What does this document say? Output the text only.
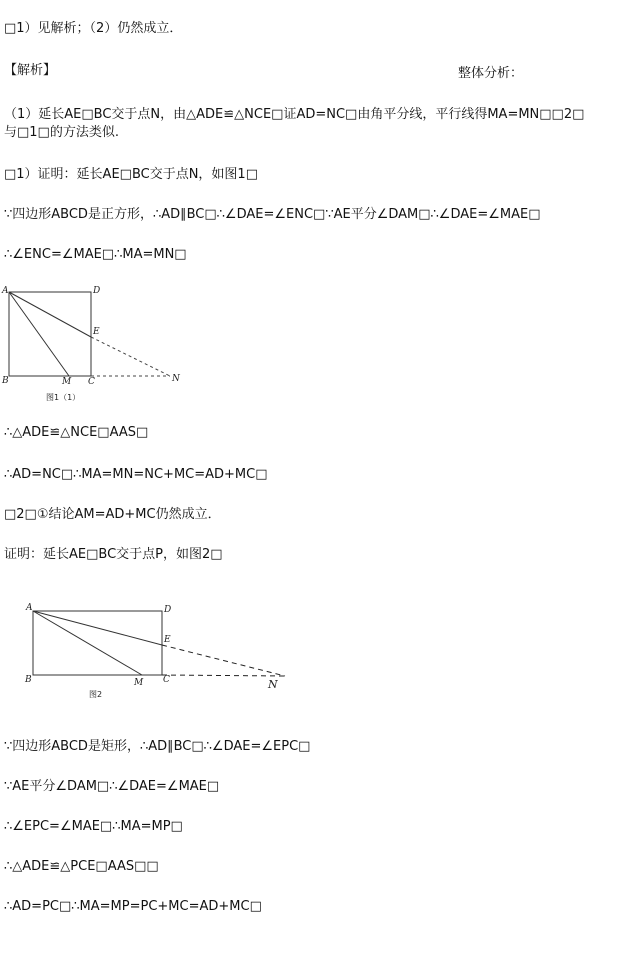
□1）见解析；（2）仍然成立．
【解析】	整体分析：
（1）延长AE□BC交于点N，由△ADE≌△NCE□证AD=NC□由角平分线，平行线得MA=MN□□2□
与□1□的方法类似.
□1）证明：延长AE□BC交于点N，如图1□
∵四边形ABCD是正方形，∴AD∥BC□∴∠DAE=∠ENC□∵AE平分∠DAM□∴∠DAE=∠MAE□
∴∠ENC=∠MAE□∴MA=MN□
A	D
E
B	M C	N
图1（1）
∴△ADE≌△NCE□AAS□
∴AD=NC□∴MA=MN=NC+MC=AD+MC□
□2□①结论AM=AD+MC仍然成立．
证明：延长AE□BC交于点P，如图2□
A	D
E
B	M C	N
图2
∵四边形ABCD是矩形，∴AD∥BC□∴∠DAE=∠EPC□
∵AE平分∠DAM□∴∠DAE=∠MAE□
∴∠EPC=∠MAE□∴MA=MP□
∴△ADE≌△PCE□AAS□□
∴AD=PC□∴MA=MP=PC+MC=AD+MC□
